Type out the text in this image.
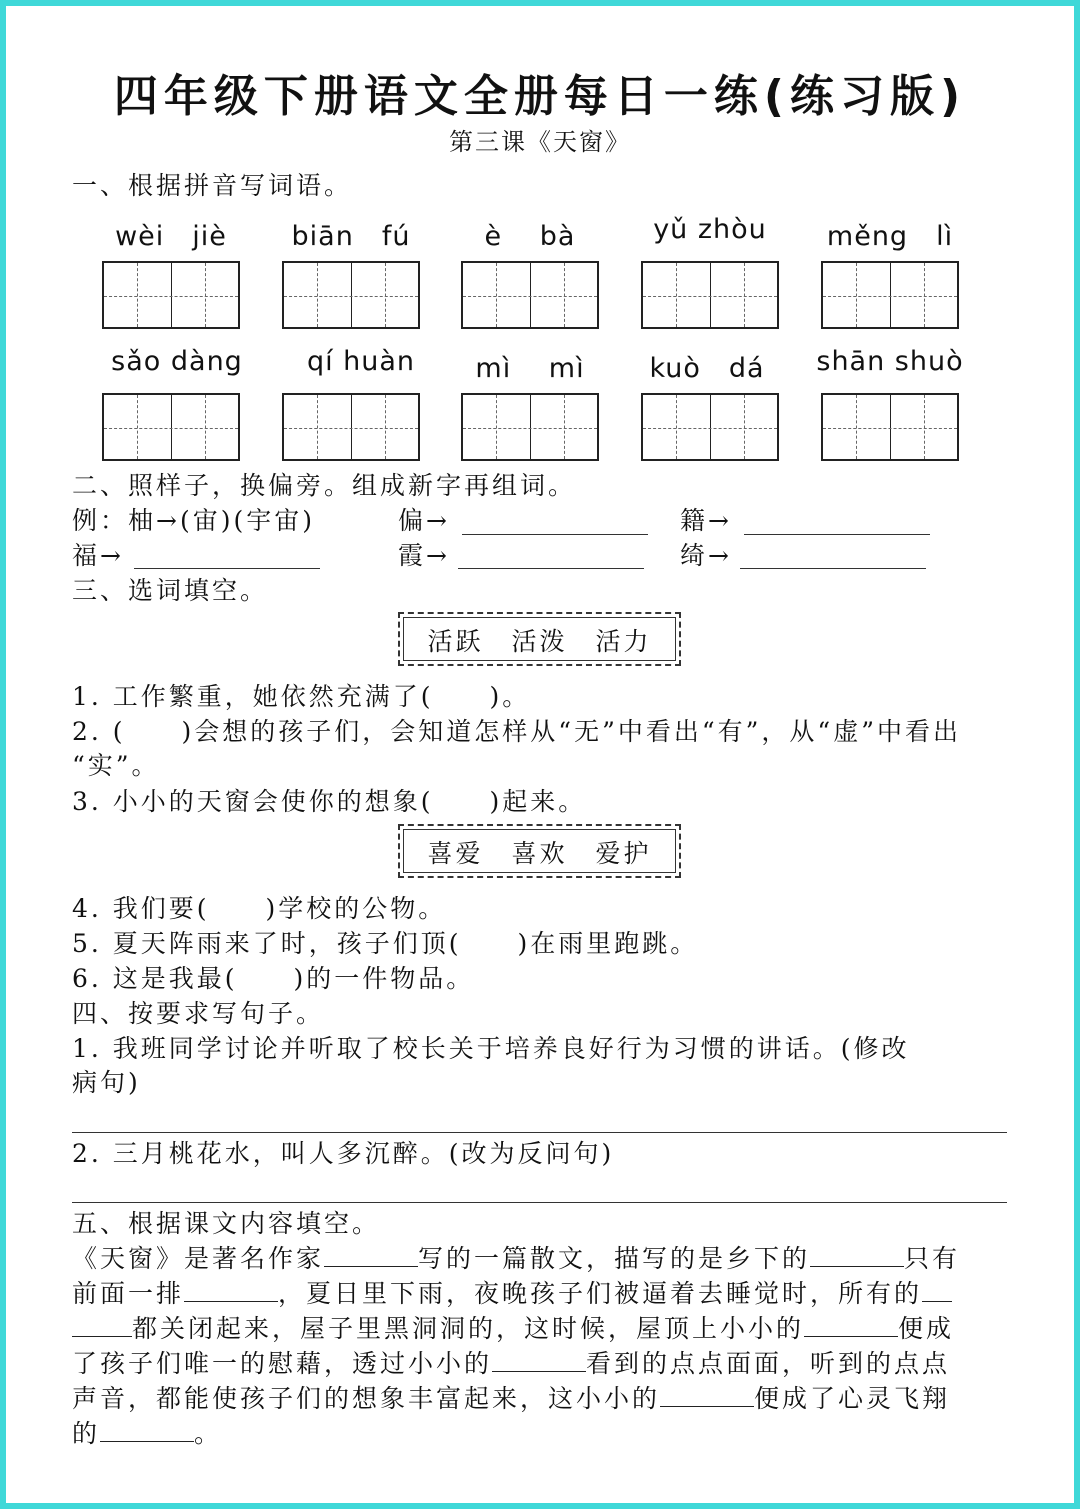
四年级下册语文全册每日一练(练习版)
第三课《天窗》
一、根据拼音写词语。
wèi　jiè	biān　fú	è　 bà	yǔ zhòu	měng　lì
sǎo dàng	qí huàn	mì　 mì	kuò　dá	shān shuò
二、照样子，换偏旁。组成新字再组词。
例：柚→(宙)(宇宙)	偏→	籍→
福→	霞→	绮→
三、选词填空。
活跃 活泼 活力
1. 工作繁重，她依然充满了(　　)。
2. (　　)会想的孩子们，会知道怎样从“无”中看出“有”，从“虚”中看出
“实”。
3. 小小的天窗会使你的想象(　　)起来。
喜爱 喜欢 爱护
4. 我们要(　　)学校的公物。
5. 夏天阵雨来了时，孩子们顶(　　)在雨里跑跳。
6. 这是我最(　　)的一件物品。
四、按要求写句子。
1. 我班同学讨论并听取了校长关于培养良好行为习惯的讲话。(修改
病句)
2. 三月桃花水，叫人多沉醉。(改为反问句)
五、根据课文内容填空。
《天窗》是著名作家	写的一篇散文，描写的是乡下的	只有
前面一排	，夏日里下雨，夜晚孩子们被逼着去睡觉时，所有的
都关闭起来，屋子里黑洞洞的，这时候，屋顶上小小的	便成
了孩子们唯一的慰藉，透过小小的	看到的点点面面，听到的点点
声音，都能使孩子们的想象丰富起来，这小小的	便成了心灵飞翔
的	。
